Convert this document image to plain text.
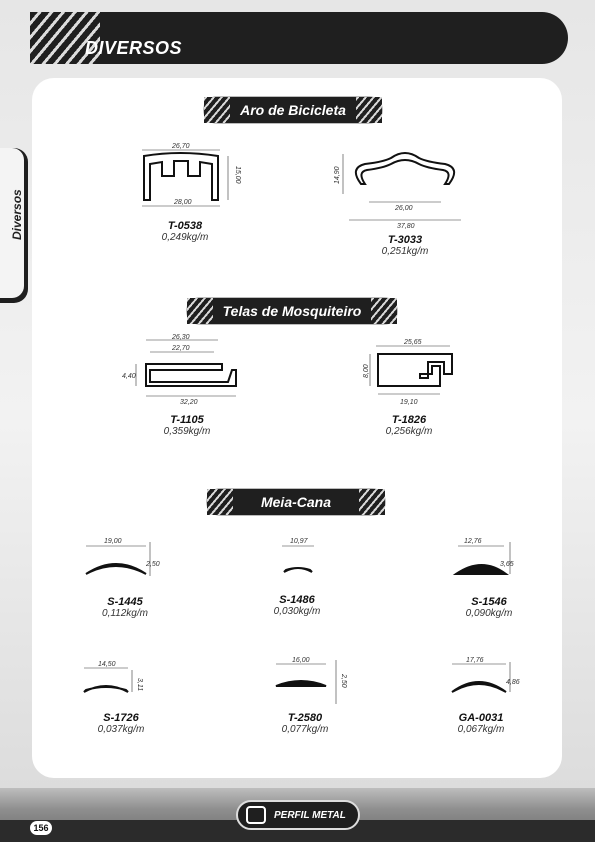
DIVERSOS
Diversos
Aro de Bicicleta
Telas de Mosquiteiro
Meia-Cana
26,70
28,00
15,00
T-0538
0,249kg/m
14,90
26,00
37,80
T-3033
0,251kg/m
26,30
22,70
4,40
32,20
T-1105
0,359kg/m
25,65
8,00
19,10
T-1826
0,256kg/m
19,00
2,50
S-1445
0,112kg/m
10,97
S-1486
0,030kg/m
12,76
3,65
S-1546
0,090kg/m
14,50
3,11
S-1726
0,037kg/m
16,00
2,50
T-2580
0,077kg/m
17,76
4,86
GA-0031
0,067kg/m
PERFIL METAL
156
